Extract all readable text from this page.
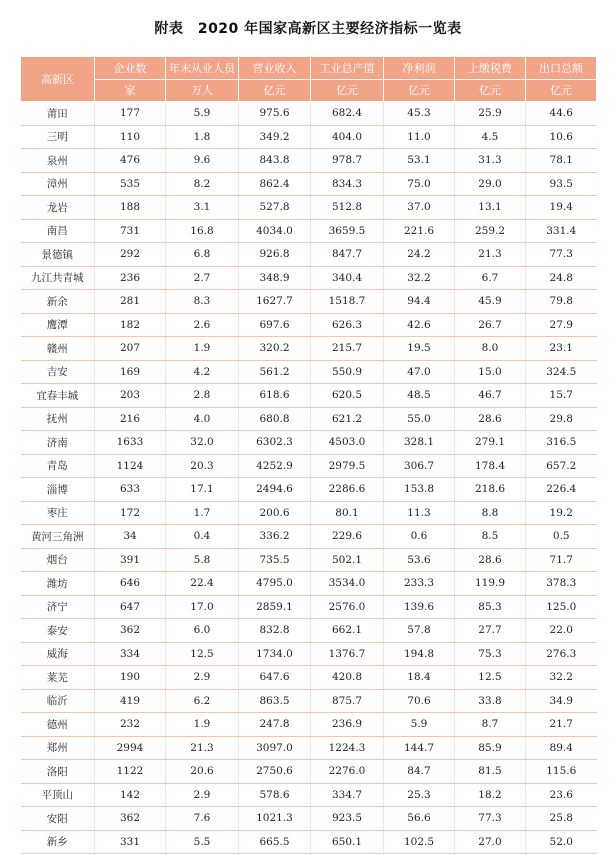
附表　2020 年国家高新区主要经济指标一览表
高新区	企业数	年末从业人员	营业收入	工业总产值	净利润	上缴税费	出口总额
	家	万人	亿元	亿元	亿元	亿元	亿元
莆田	177	5.9	975.6	682.4	45.3	25.9	44.6
三明	110	1.8	349.2	404.0	11.0	4.5	10.6
泉州	476	9.6	843.8	978.7	53.1	31.3	78.1
漳州	535	8.2	862.4	834.3	75.0	29.0	93.5
龙岩	188	3.1	527.8	512.8	37.0	13.1	19.4
南昌	731	16.8	4034.0	3659.5	221.6	259.2	331.4
景德镇	292	6.8	926.8	847.7	24.2	21.3	77.3
九江共青城	236	2.7	348.9	340.4	32.2	6.7	24.8
新余	281	8.3	1627.7	1518.7	94.4	45.9	79.8
鹰潭	182	2.6	697.6	626.3	42.6	26.7	27.9
赣州	207	1.9	320.2	215.7	19.5	8.0	23.1
吉安	169	4.2	561.2	550.9	47.0	15.0	324.5
宜春丰城	203	2.8	618.6	620.5	48.5	46.7	15.7
抚州	216	4.0	680.8	621.2	55.0	28.6	29.8
济南	1633	32.0	6302.3	4503.0	328.1	279.1	316.5
青岛	1124	20.3	4252.9	2979.5	306.7	178.4	657.2
淄博	633	17.1	2494.6	2286.6	153.8	218.6	226.4
枣庄	172	1.7	200.6	80.1	11.3	8.8	19.2
黄河三角洲	34	0.4	336.2	229.6	0.6	8.5	0.5
烟台	391	5.8	735.5	502.1	53.6	28.6	71.7
潍坊	646	22.4	4795.0	3534.0	233.3	119.9	378.3
济宁	647	17.0	2859.1	2576.0	139.6	85.3	125.0
泰安	362	6.0	832.8	662.1	57.8	27.7	22.0
威海	334	12.5	1734.0	1376.7	194.8	75.3	276.3
莱芜	190	2.9	647.6	420.8	18.4	12.5	32.2
临沂	419	6.2	863.5	875.7	70.6	33.8	34.9
德州	232	1.9	247.8	236.9	5.9	8.7	21.7
郑州	2994	21.3	3097.0	1224.3	144.7	85.9	89.4
洛阳	1122	20.6	2750.6	2276.0	84.7	81.5	115.6
平顶山	142	2.9	578.6	334.7	25.3	18.2	23.6
安阳	362	7.6	1021.3	923.5	56.6	77.3	25.8
新乡	331	5.5	665.5	650.1	102.5	27.0	52.0
